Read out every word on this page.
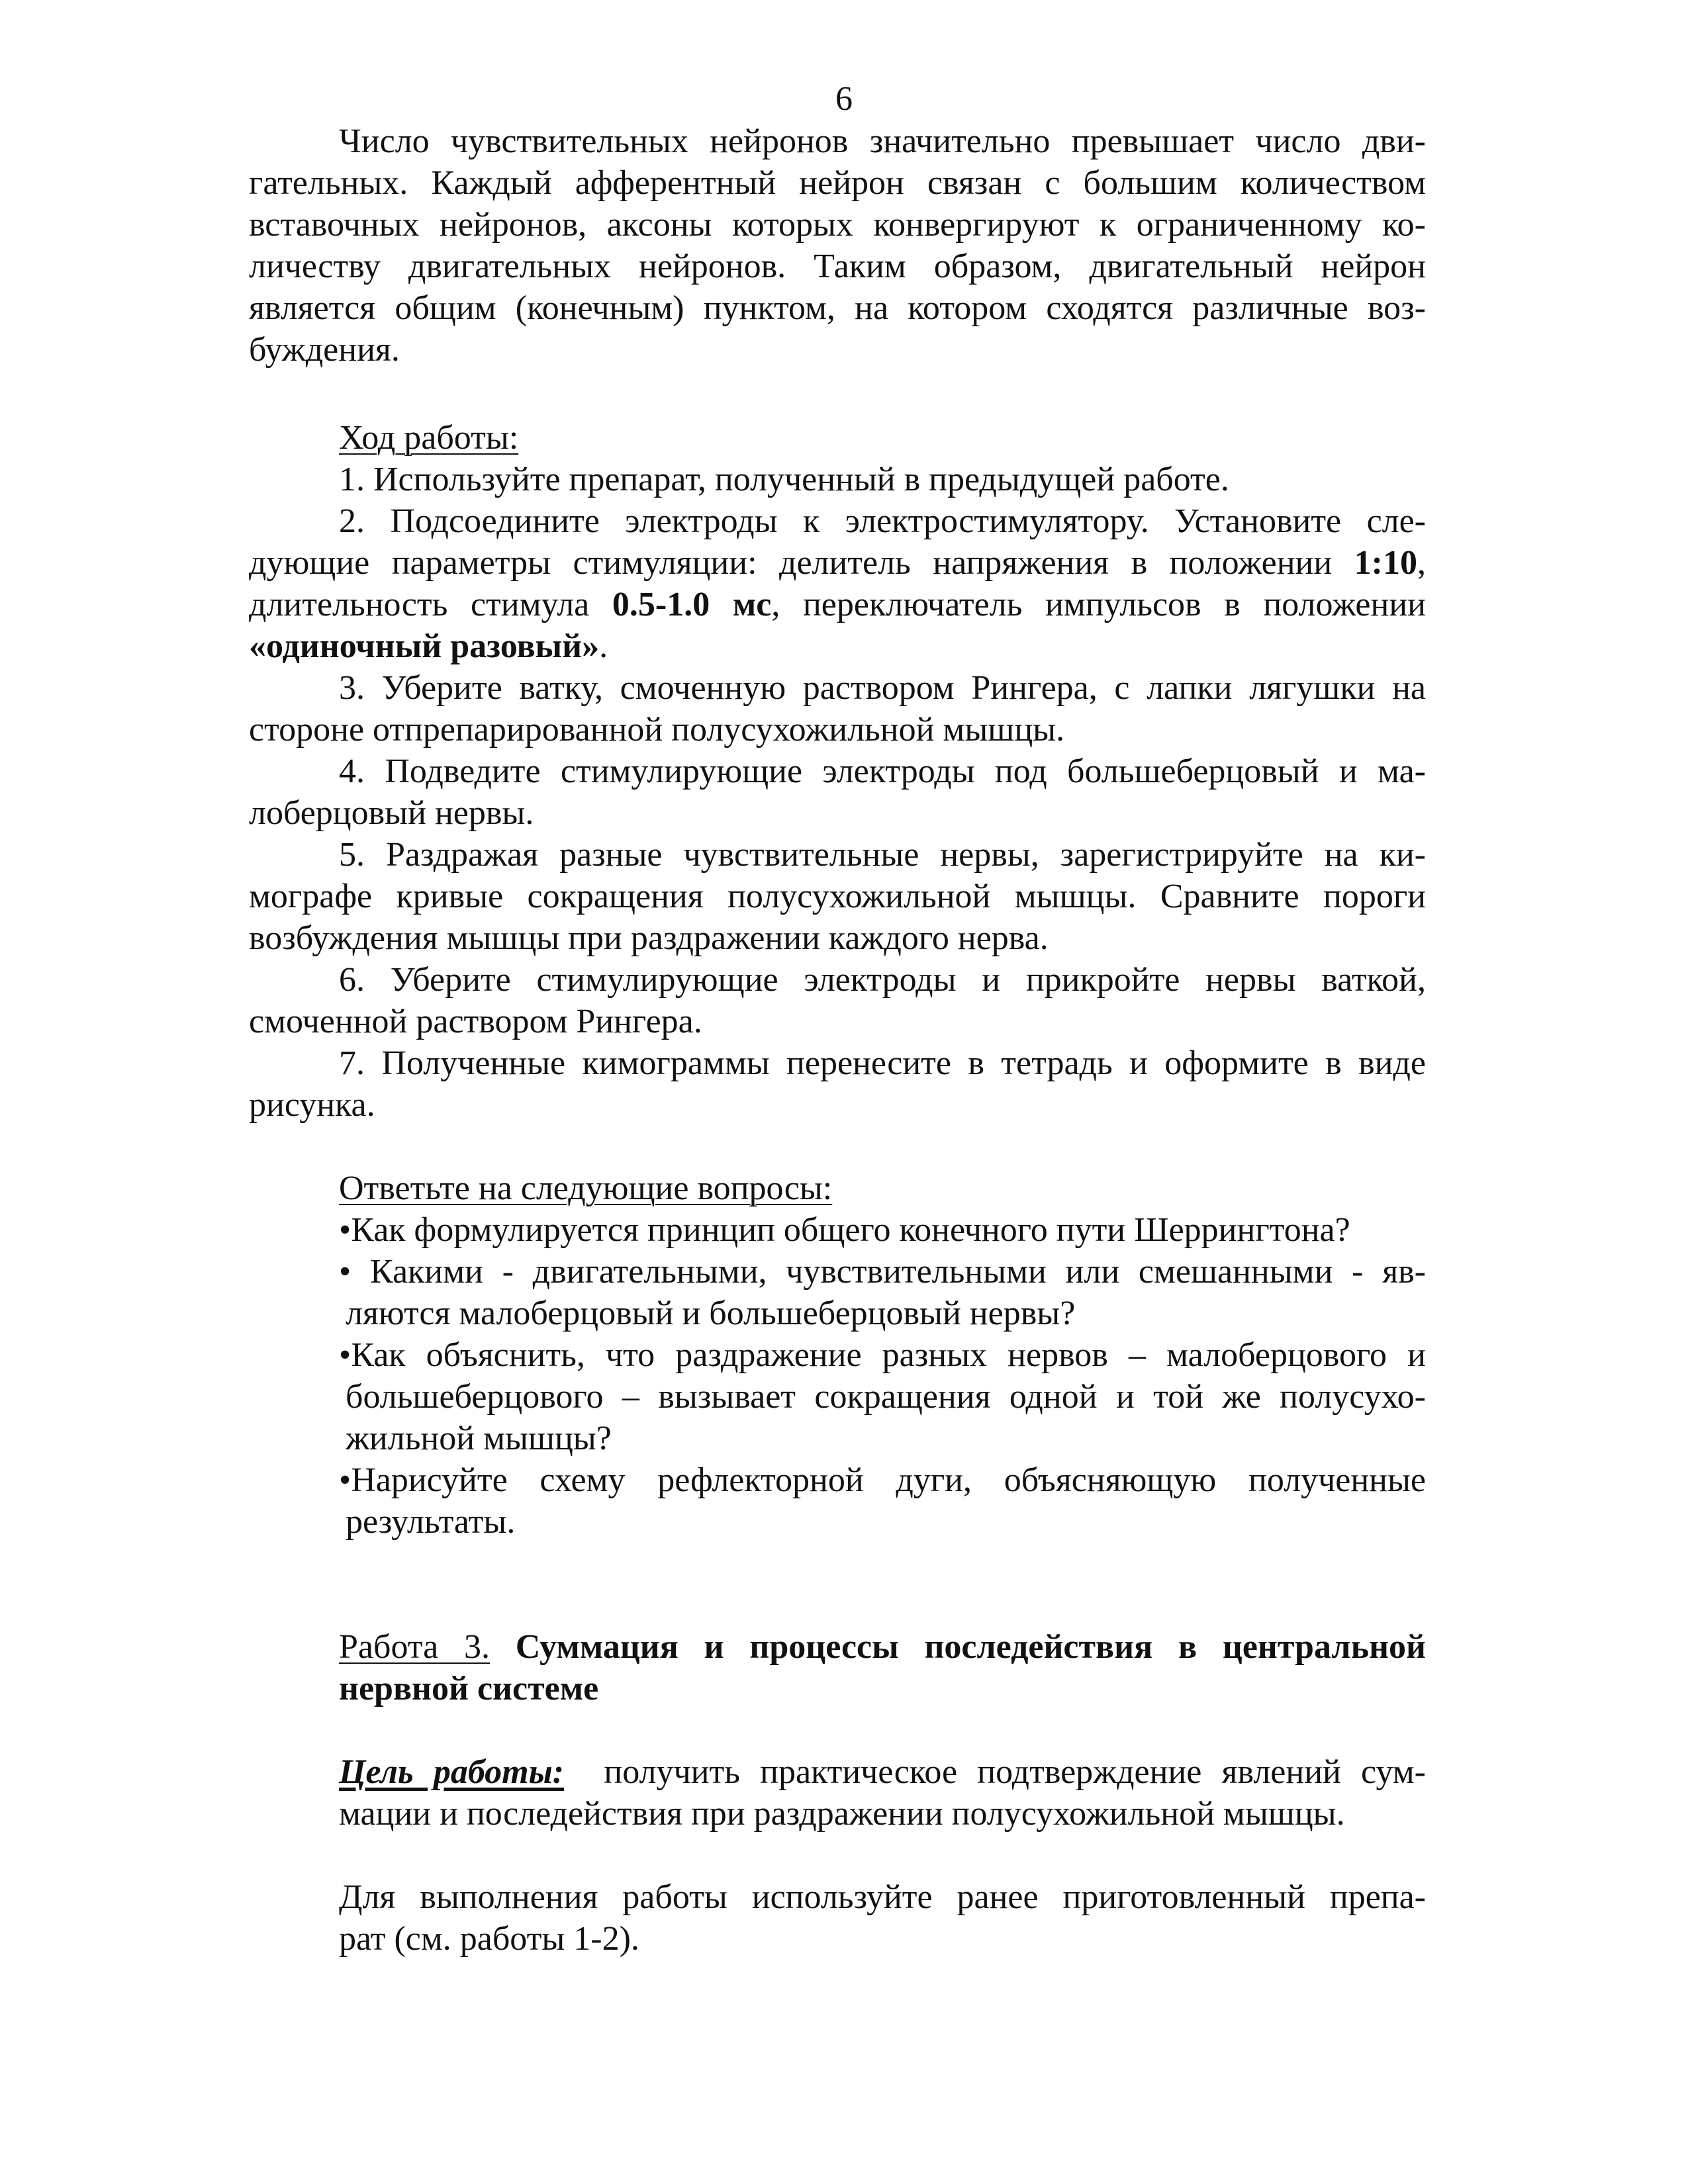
6
Число чувствительных нейронов значительно превышает число дви-
гательных. Каждый афферентный нейрон связан с большим количеством
вставочных нейронов, аксоны которых конвергируют к ограниченному ко-
личеству двигательных нейронов. Таким образом, двигательный нейрон
является общим (конечным) пунктом, на котором сходятся различные воз-
буждения.
Ход работы:
1. Используйте препарат, полученный в предыдущей работе.
2. Подсоедините электроды к электростимулятору. Установите сле-
дующие параметры стимуляции: делитель напряжения в положении 1:10,
длительность стимула 0.5-1.0 мс, переключатель импульсов в положении
«одиночный разовый».
3. Уберите ватку, смоченную раствором Рингера, с лапки лягушки на
стороне отпрепарированной полусухожильной мышцы.
4. Подведите стимулирующие электроды под большеберцовый и ма-
лоберцовый нервы.
5. Раздражая разные чувствительные нервы, зарегистрируйте на ки-
мографе кривые сокращения полусухожильной мышцы. Сравните пороги
возбуждения мышцы при раздражении каждого нерва.
6. Уберите стимулирующие электроды и прикройте нервы ваткой,
смоченной раствором Рингера.
7. Полученные кимограммы перенесите в тетрадь и оформите в виде
рисунка.
Ответьте на следующие вопросы:
•Как формулируется принцип общего конечного пути Шеррингтона?
• Какими - двигательными, чувствительными или смешанными - яв-
ляются малоберцовый и большеберцовый нервы?
•Как объяснить, что раздражение разных нервов – малоберцового и
большеберцового – вызывает сокращения одной и той же полусухо-
жильной мышцы?
•Нарисуйте схему рефлекторной дуги, объясняющую полученные
результаты.
Работа 3. Суммация и процессы последействия в центральной
нервной системе
Цель работы: получить практическое подтверждение явлений сум-
мации и последействия при раздражении полусухожильной мышцы.
Для выполнения работы используйте ранее приготовленный препа-
рат (см. работы 1-2).
